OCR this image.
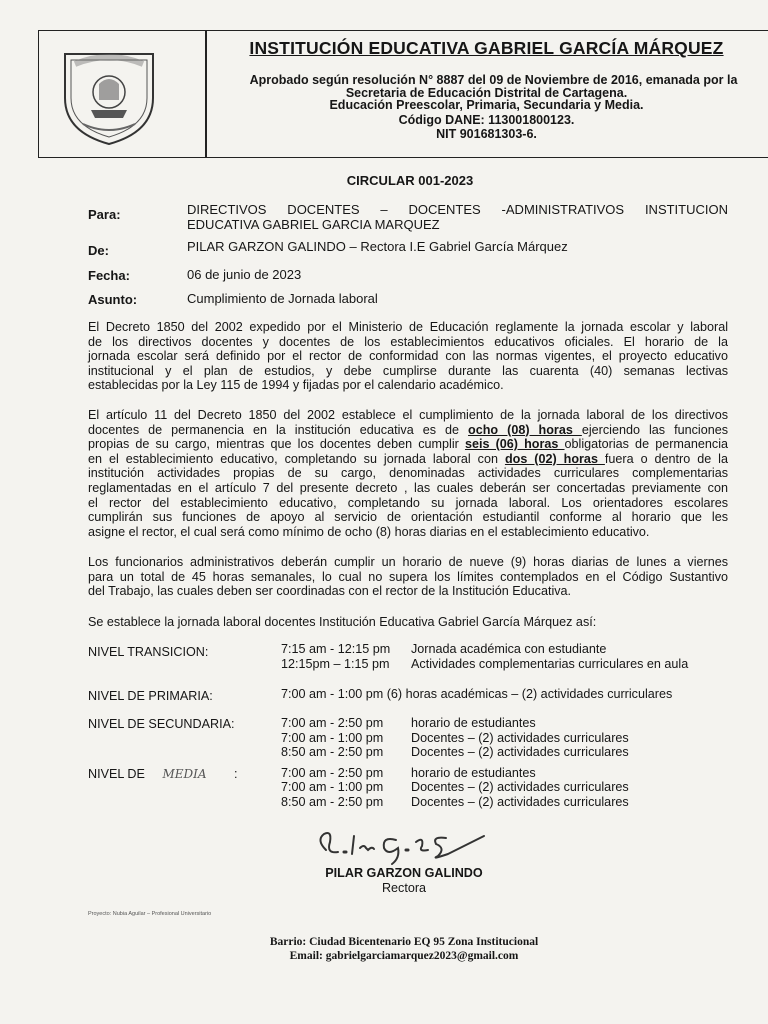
INSTITUCIÓN EDUCATIVA GABRIEL GARCÍA MÁRQUEZ
Aprobado según resolución N° 8887 del 09 de Noviembre de 2016, emanada por la
Secretaria de Educación Distrital de Cartagena.
Educación Preescolar, Primaria, Secundaria y Media.
Código DANE: 113001800123.
NIT 901681303-6.
CIRCULAR 001-2023
Para:	DIRECTIVOS DOCENTES – DOCENTES -ADMINISTRATIVOS INSTITUCION
EDUCATIVA GABRIEL GARCIA MARQUEZ
De:	PILAR GARZON GALINDO – Rectora I.E Gabriel García Márquez
Fecha:	06 de junio de 2023
Asunto:	Cumplimiento de Jornada laboral
El Decreto 1850 del 2002 expedido por el Ministerio de Educación reglamente la jornada escolar y laboral
de los directivos docentes y docentes de los establecimientos educativos oficiales. El horario de la
jornada escolar será definido por el rector de conformidad con las normas vigentes, el proyecto educativo
institucional y el plan de estudios, y debe cumplirse durante las cuarenta (40) semanas lectivas
establecidas por la Ley 115 de 1994 y fijadas por el calendario académico.
El artículo 11 del Decreto 1850 del 2002 establece el cumplimiento de la jornada laboral de los directivos
docentes de permanencia en la institución educativa es de ocho (08) horas ejerciendo las funciones
propias de su cargo, mientras que los docentes deben cumplir seis (06) horas obligatorias de permanencia
en el establecimiento educativo, completando su jornada laboral con dos (02) horas fuera o dentro de la
institución actividades propias de su cargo, denominadas actividades curriculares complementarias
reglamentadas en el artículo 7 del presente decreto , las cuales deberán ser concertadas previamente con
el rector del establecimiento educativo, completando su jornada laboral. Los orientadores escolares
cumplirán sus funciones de apoyo al servicio de orientación estudiantil conforme al horario que les
asigne el rector, el cual será como mínimo de ocho (8) horas diarias en el establecimiento educativo.
Los funcionarios administrativos deberán cumplir un horario de nueve (9) horas diarias de lunes a viernes
para un total de 45 horas semanales, lo cual no supera los límites contemplados en el Código Sustantivo
del Trabajo, las cuales deben ser coordinadas con el rector de la Institución Educativa.
Se establece la jornada laboral docentes Institución Educativa Gabriel García Márquez así:
NIVEL TRANSICION:	7:15 am - 12:15 pm Jornada académica con estudiante
12:15pm – 1:15 pm Actividades complementarias curriculares en aula
NIVEL DE PRIMARIA:	7:00 am - 1:00 pm (6) horas académicas – (2) actividades curriculares
NIVEL DE SECUNDARIA:	7:00 am - 2:50 pm horario de estudiantes
7:00 am - 1:00 pm Docentes – (2) actividades curriculares
8:50 am - 2:50 pm Docentes – (2) actividades curriculares
NIVEL DE MEDIA :	7:00 am - 2:50 pm horario de estudiantes
7:00 am - 1:00 pm Docentes – (2) actividades curriculares
8:50 am - 2:50 pm Docentes – (2) actividades curriculares
PILAR GARZON GALINDO
Rectora
Proyecto: Nubia Aguilar – Profesional Universitario
Barrio: Ciudad Bicentenario EQ 95 Zona Institucional
Email: gabrielgarciamarquez2023@gmail.com
